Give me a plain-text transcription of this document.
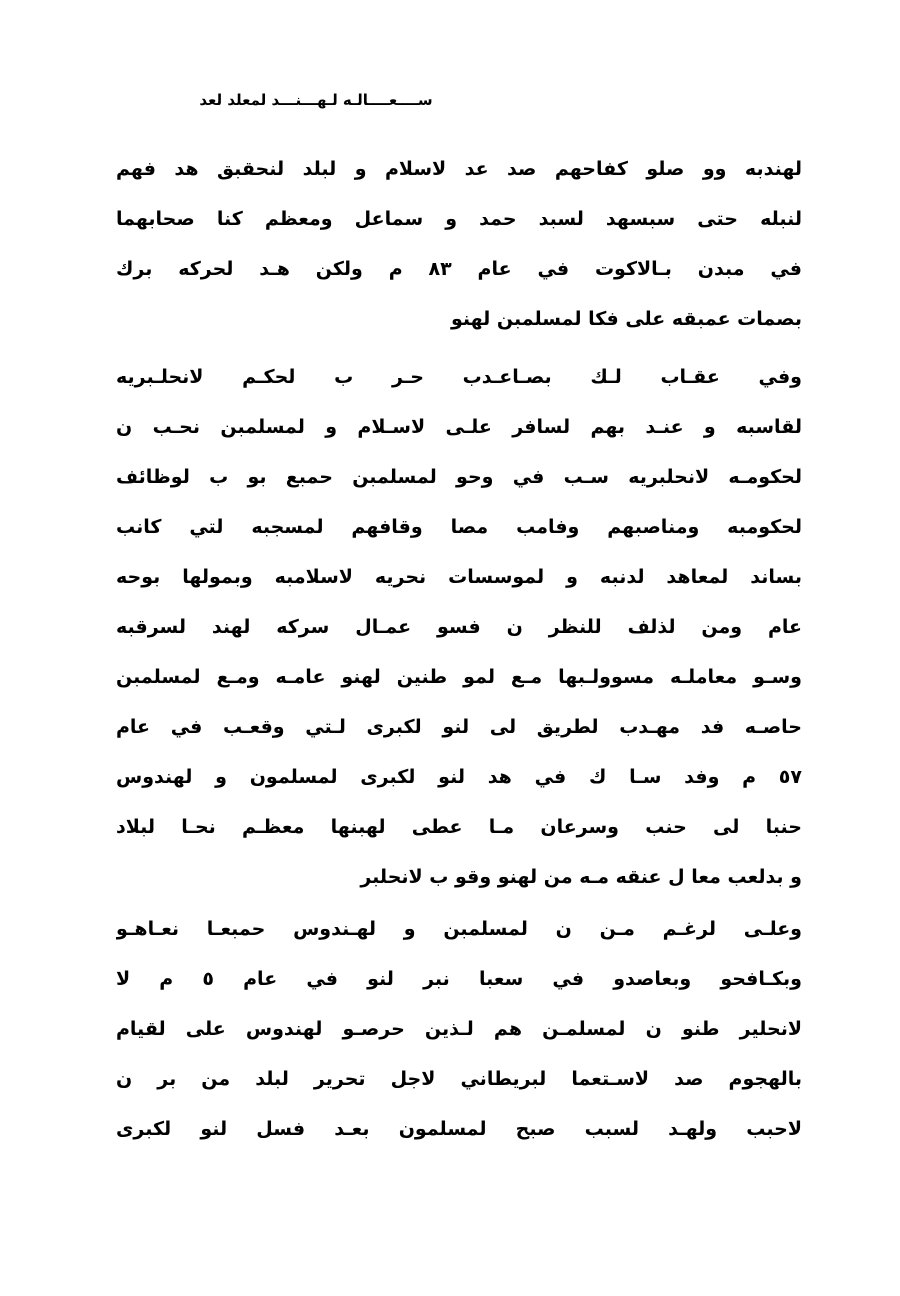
ســــعــــالـه لـهـــنـــد لمعلد لعد
لهندبه وو صلو كفاحهم صد عد لاسلام و لبلد لنحقبق هد فهم
لنبله حتى سبسهد لسبد حمد و سماعل ومعظم كنا صحابهما
في مبدن بـالاكوت في عام ٨٣ م ولكن هـد لحركه برك
بصمات عمبقه على فكا لمسلمبن لهنو
وفي عقـاب لـك بصـاعـدب حـر ب لحكـم لانحلـبريه
لقاسبه و عنـد بهم لسافر علـى لاسـلام و لمسلمبن نحـب ن
لحكومـه لانحلبريه سـب في وحو لمسلمبن حمبع بو ب لوظائف
لحكومبه ومناصبهم وفامب مصا وقافهم لمسجبه لتي كانب
بساند لمعاهد لدنبه و لموسسات نحريه لاسلامبه وبمولها بوحه
عام ومن لذلف للنظر ن فسو عمـال سركه لهند لسرقبه
وسـو معاملـه مسوولـبها مـع لمو طنين لهنو عامـه ومـع لمسلمبن
حاصـه فد مهـدب لطريق لى لنو لكبرى لـتي وقعـب في عام
٥٧ م وفد سـا ك في هد لنو لكبرى لمسلمون و لهندوس
حنبا لى حنب وسرعان مـا عطى لهبنها معظـم نحـا لبلاد
و بدلعب معا ل عنقه مـه من لهنو وقو ب لانحلبر
وعلـى لرغـم مـن ن لمسلمبن و لهـندوس حمبعـا نعـاهـو
وبكـافحو وبعاصدو في سعبا نبر لنو في عام ٥ م لا
لانحلير طنو ن لمسلمـن هم لـذين حرصـو لهندوس على لقيام
بالهجوم صد لاسـتعما لبريطاني لاجل تحرير لبلد من بر ن
لاحبب ولهـد لسبب صبح لمسلمون بعـد فسل لنو لكبرى
